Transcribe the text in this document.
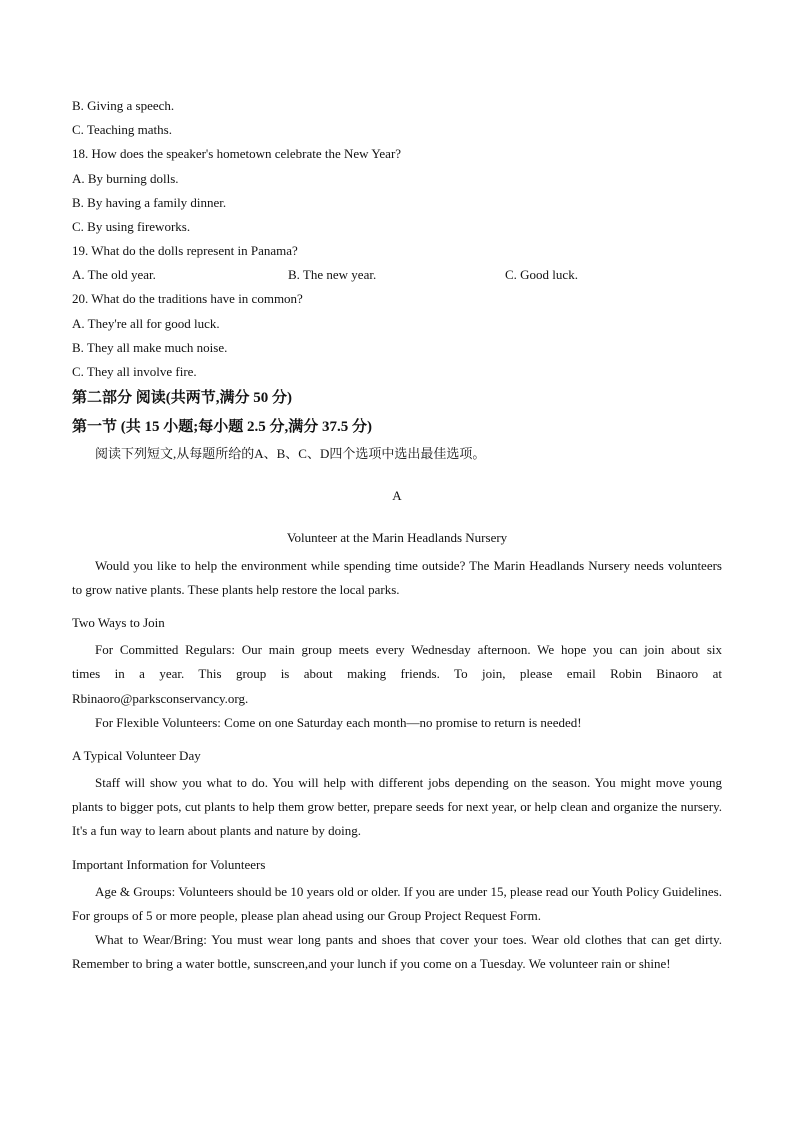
B. Giving a speech.
C. Teaching maths.
18. How does the speaker's hometown celebrate the New Year?
A. By burning dolls.
B. By having a family dinner.
C. By using fireworks.
19. What do the dolls represent in Panama?
A. The old year.	B. The new year.	C. Good luck.
20. What do the traditions have in common?
A. They're all for good luck.
B. They all make much noise.
C. They all involve fire.
第二部分 阅读(共两节,满分 50 分)
第一节 (共 15 小题;每小题 2.5 分,满分 37.5 分)
阅读下列短文,从每题所给的A、B、C、D四个选项中选出最佳选项。
A
Volunteer at the Marin Headlands Nursery
Would you like to help the environment while spending time outside? The Marin Headlands Nursery needs volunteers to grow native plants. These plants help restore the local parks.
Two Ways to Join
For Committed Regulars: Our main group meets every Wednesday afternoon. We hope you can join about six
times in a year. This group is about making friends. To join, please email Robin Binaoro at
Rbinaoro@parksconservancy.org.
For Flexible Volunteers: Come on one Saturday each month—no promise to return is needed!
A Typical Volunteer Day
Staff will show you what to do. You will help with different jobs depending on the season. You might move young plants to bigger pots, cut plants to help them grow better, prepare seeds for next year, or help clean and organize the nursery. It's a fun way to learn about plants and nature by doing.
Important Information for Volunteers
Age & Groups: Volunteers should be 10 years old or older. If you are under 15, please read our Youth Policy Guidelines. For groups of 5 or more people, please plan ahead using our Group Project Request Form.
What to Wear/Bring: You must wear long pants and shoes that cover your toes. Wear old clothes that can get dirty. Remember to bring a water bottle, sunscreen,and your lunch if you come on a Tuesday. We volunteer rain or shine!
